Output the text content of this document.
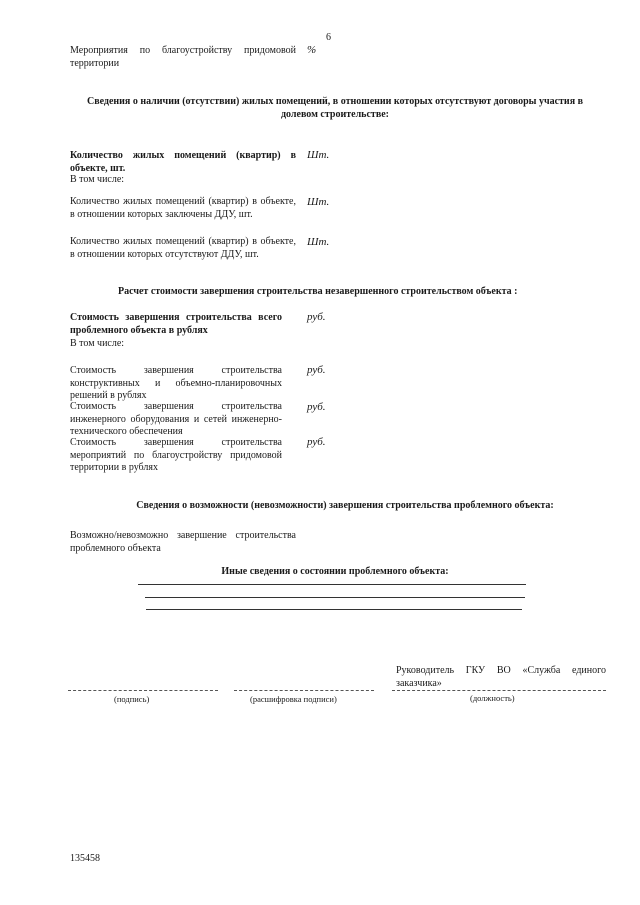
6
Мероприятия по благоустройству придомовой территории
%
Сведения о наличии (отсутствии) жилых помещений, в отношении которых отсутствуют договоры участия в долевом строительстве:
Количество жилых помещений (квартир) в объекте, шт.
Шт.
В том числе:
Количество жилых помещений (квартир) в объекте, в отношении которых заключены ДДУ, шт.
Шт.
Количество жилых помещений (квартир) в объекте, в отношении которых отсутствуют ДДУ, шт.
Шт.
Расчет стоимости завершения строительства незавершенного строительством объекта :
Стоимость завершения строительства всего проблемного объекта в рублях
руб.
В том числе:
Стоимость завершения строительства конструктивных и объемно-планировочных решений в рублях
руб.
Стоимость завершения строительства инженерного оборудования и сетей инженерно-технического обеспечения
руб.
Стоимость завершения строительства мероприятий по благоустройству придомовой территории в рублях
руб.
Сведения о возможности (невозможности) завершения строительства проблемного объекта:
Возможно/невозможно завершение строительства проблемного объекта
Иные сведения о состоянии проблемного объекта:
Руководитель ГКУ ВО «Служба единого заказчика»
(подпись)	(расшифровка подписи)	(должность)
135458
